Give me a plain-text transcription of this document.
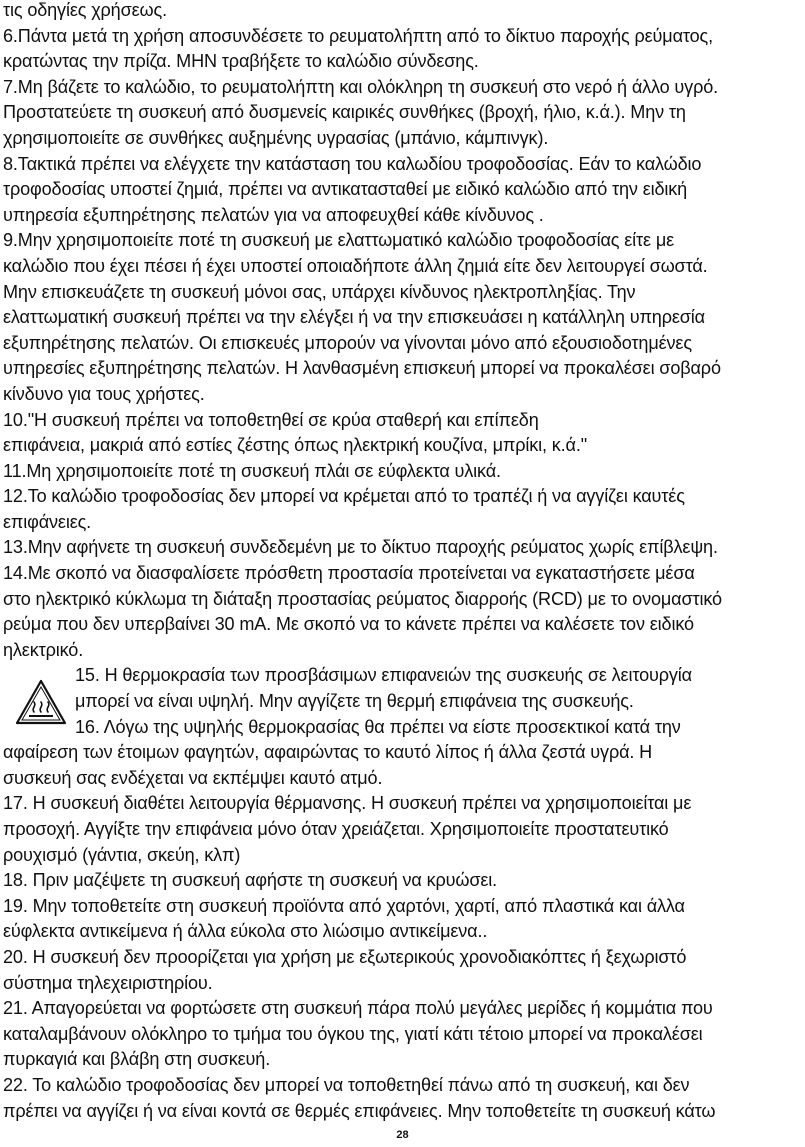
τις οδηγίες χρήσεως.

6.Πάντα μετά τη χρήση αποσυνδέσετε το ρευματολήπτη από το δίκτυο παροχής ρεύματος,

κρατώντας την πρίζα. ΜΗΝ τραβήξετε το καλώδιο σύνδεσης.

7.Μη βάζετε το καλώδιο, το ρευματολήπτη και ολόκληρη τη συσκευή στο νερό ή άλλο υγρό.

Προστατεύετε τη συσκευή από δυσμενείς καιρικές συνθήκες (βροχή, ήλιο, κ.ά.). Μην τη

χρησιμοποιείτε σε συνθήκες αυξημένης υγρασίας (μπάνιο, κάμπινγκ).

8.Τακτικά πρέπει να ελέγχετε την κατάσταση του καλωδίου τροφοδοσίας. Εάν το καλώδιο

τροφοδοσίας υποστεί ζημιά, πρέπει να αντικατασταθεί με ειδικό καλώδιο από την ειδική

υπηρεσία εξυπηρέτησης πελατών για να αποφευχθεί κάθε κίνδυνος .

9.Μην χρησιμοποιείτε ποτέ τη συσκευή με ελαττωματικό καλώδιο τροφοδοσίας είτε με

καλώδιο που έχει πέσει ή έχει υποστεί οποιαδήποτε άλλη ζημιά είτε δεν λειτουργεί σωστά.

Μην επισκευάζετε τη συσκευή μόνοι σας, υπάρχει κίνδυνος ηλεκτροπληξίας. Την

ελαττωματική συσκευή πρέπει να την ελέγξει ή να την επισκευάσει η κατάλληλη υπηρεσία

εξυπηρέτησης πελατών. Οι επισκευές μπορούν να γίνονται μόνο από εξουσιοδοτημένες

υπηρεσίες εξυπηρέτησης πελατών. Η λανθασμένη επισκευή μπορεί να προκαλέσει σοβαρό

κίνδυνο για τους χρήστες.

10."Η συσκευή πρέπει να τοποθετηθεί σε κρύα σταθερή και επίπεδη

επιφάνεια, μακριά από εστίες ζέστης όπως ηλεκτρική κουζίνα, μπρίκι, κ.ά."

11.Μη χρησιμοποιείτε ποτέ τη συσκευή πλάι σε εύφλεκτα υλικά.

12.Το καλώδιο τροφοδοσίας δεν μπορεί να κρέμεται από το τραπέζι ή να αγγίζει καυτές

επιφάνειες.

13.Μην αφήνετε τη συσκευή συνδεδεμένη με το δίκτυο παροχής ρεύματος χωρίς επίβλεψη.

14.Με σκοπό να διασφαλίσετε πρόσθετη προστασία προτείνεται να εγκαταστήσετε μέσα

στο ηλεκτρικό κύκλωμα τη διάταξη προστασίας ρεύματος διαρροής (RCD) με το ονομαστικό

ρεύμα που δεν υπερβαίνει 30 mA. Με σκοπό να το κάνετε πρέπει να καλέσετε τον ειδικό

ηλεκτρικό.

15. Η θερμοκρασία των προσβάσιμων επιφανειών της συσκευής σε λειτουργία

μπορεί να είναι υψηλή. Μην αγγίζετε τη θερμή επιφάνεια της συσκευής.

16. Λόγω της υψηλής θερμοκρασίας θα πρέπει να είστε προσεκτικοί κατά την

αφαίρεση των έτοιμων φαγητών, αφαιρώντας το καυτό λίπος ή άλλα ζεστά υγρά. Η

συσκευή σας ενδέχεται να εκπέμψει καυτό ατμό.

17. Η συσκευή διαθέτει λειτουργία θέρμανσης. Η συσκευή πρέπει να χρησιμοποιείται με

προσοχή. Αγγίξτε την επιφάνεια μόνο όταν χρειάζεται. Χρησιμοποιείτε προστατευτικό

ρουχισμό (γάντια, σκεύη, κλπ)

18. Πριν μαζέψετε τη συσκευή αφήστε τη συσκευή να κρυώσει.

19. Μην τοποθετείτε στη συσκευή προϊόντα από χαρτόνι, χαρτί, από πλαστικά και άλλα

εύφλεκτα αντικείμενα ή άλλα εύκολα στο λιώσιμο αντικείμενα..

20. Η συσκευή δεν προορίζεται για χρήση με εξωτερικούς χρονοδιακόπτες ή ξεχωριστό

σύστημα τηλεχειριστηρίου.

21. Απαγορεύεται να φορτώσετε στη συσκευή πάρα πολύ μεγάλες μερίδες ή κομμάτια που

καταλαμβάνουν ολόκληρο το τμήμα του όγκου της, γιατί κάτι τέτοιο μπορεί να προκαλέσει

πυρκαγιά και βλάβη στη συσκευή.

22. Το καλώδιο τροφοδοσίας δεν μπορεί να τοποθετηθεί πάνω από τη συσκευή, και δεν

πρέπει να αγγίζει ή να είναι κοντά σε θερμές επιφάνειες. Μην τοποθετείτε τη συσκευή κάτω

28
